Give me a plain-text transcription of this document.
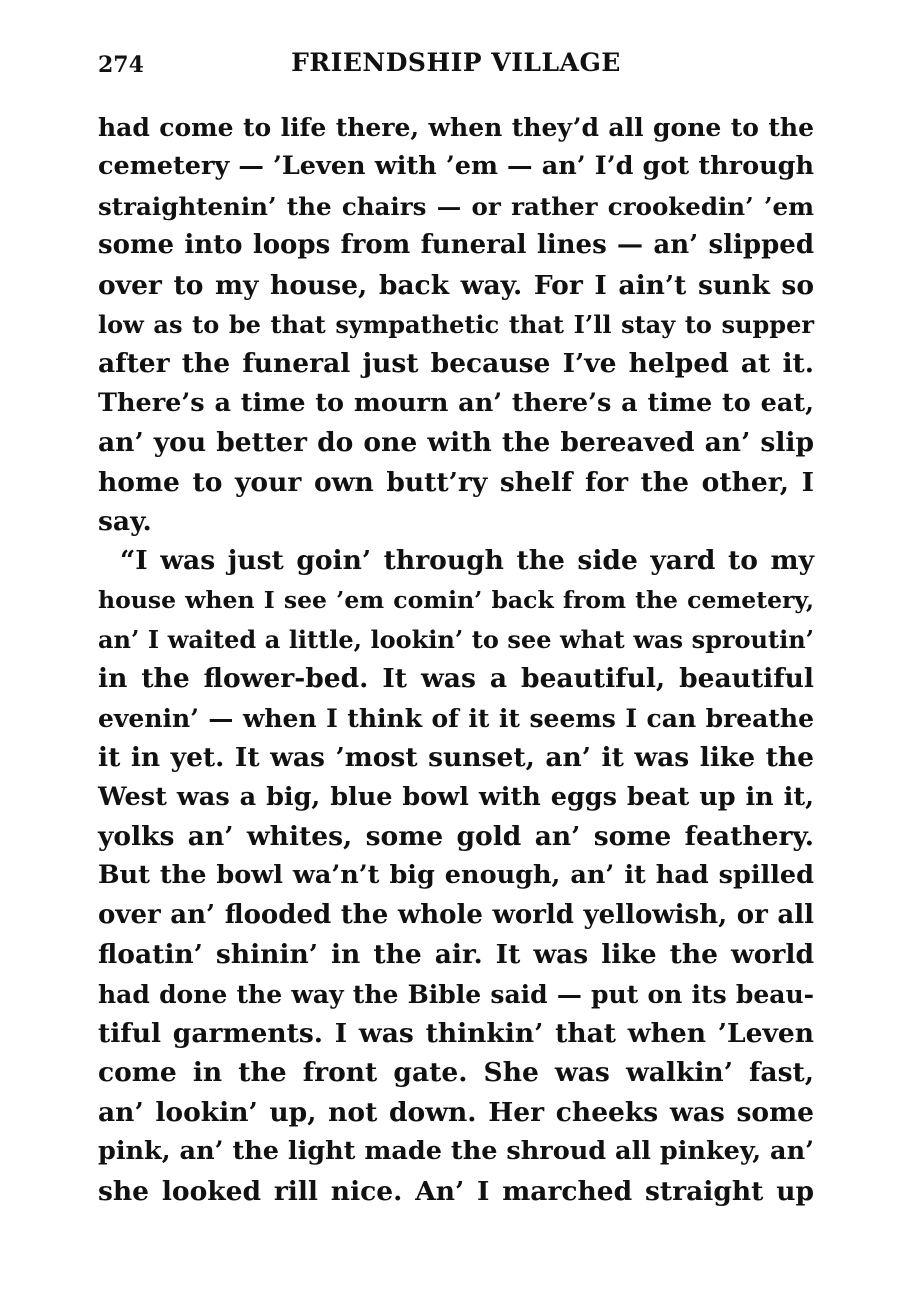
274	FRIENDSHIP VILLAGE
had come to life there, when they’d all gone to the
cemetery — ’Leven with ’em — an’ I’d got through
straightenin’ the chairs — or rather crookedin’ ’em
some into loops from funeral lines — an’ slipped
over to my house, back way. For I ain’t sunk so
low as to be that sympathetic that I’ll stay to supper
after the funeral just because I’ve helped at it.
There’s a time to mourn an’ there’s a time to eat,
an’ you better do one with the bereaved an’ slip
home to your own butt’ry shelf for the other, I
say.
“I was just goin’ through the side yard to my
house when I see ’em comin’ back from the cemetery,
an’ I waited a little, lookin’ to see what was sproutin’
in the flower-bed. It was a beautiful, beautiful
evenin’ — when I think of it it seems I can breathe
it in yet. It was ’most sunset, an’ it was like the
West was a big, blue bowl with eggs beat up in it,
yolks an’ whites, some gold an’ some feathery.
But the bowl wa’n’t big enough, an’ it had spilled
over an’ flooded the whole world yellowish, or all
floatin’ shinin’ in the air. It was like the world
had done the way the Bible said — put on its beau-
tiful garments. I was thinkin’ that when ’Leven
come in the front gate. She was walkin’ fast,
an’ lookin’ up, not down. Her cheeks was some
pink, an’ the light made the shroud all pinkey, an’
she looked rill nice. An’ I marched straight up
